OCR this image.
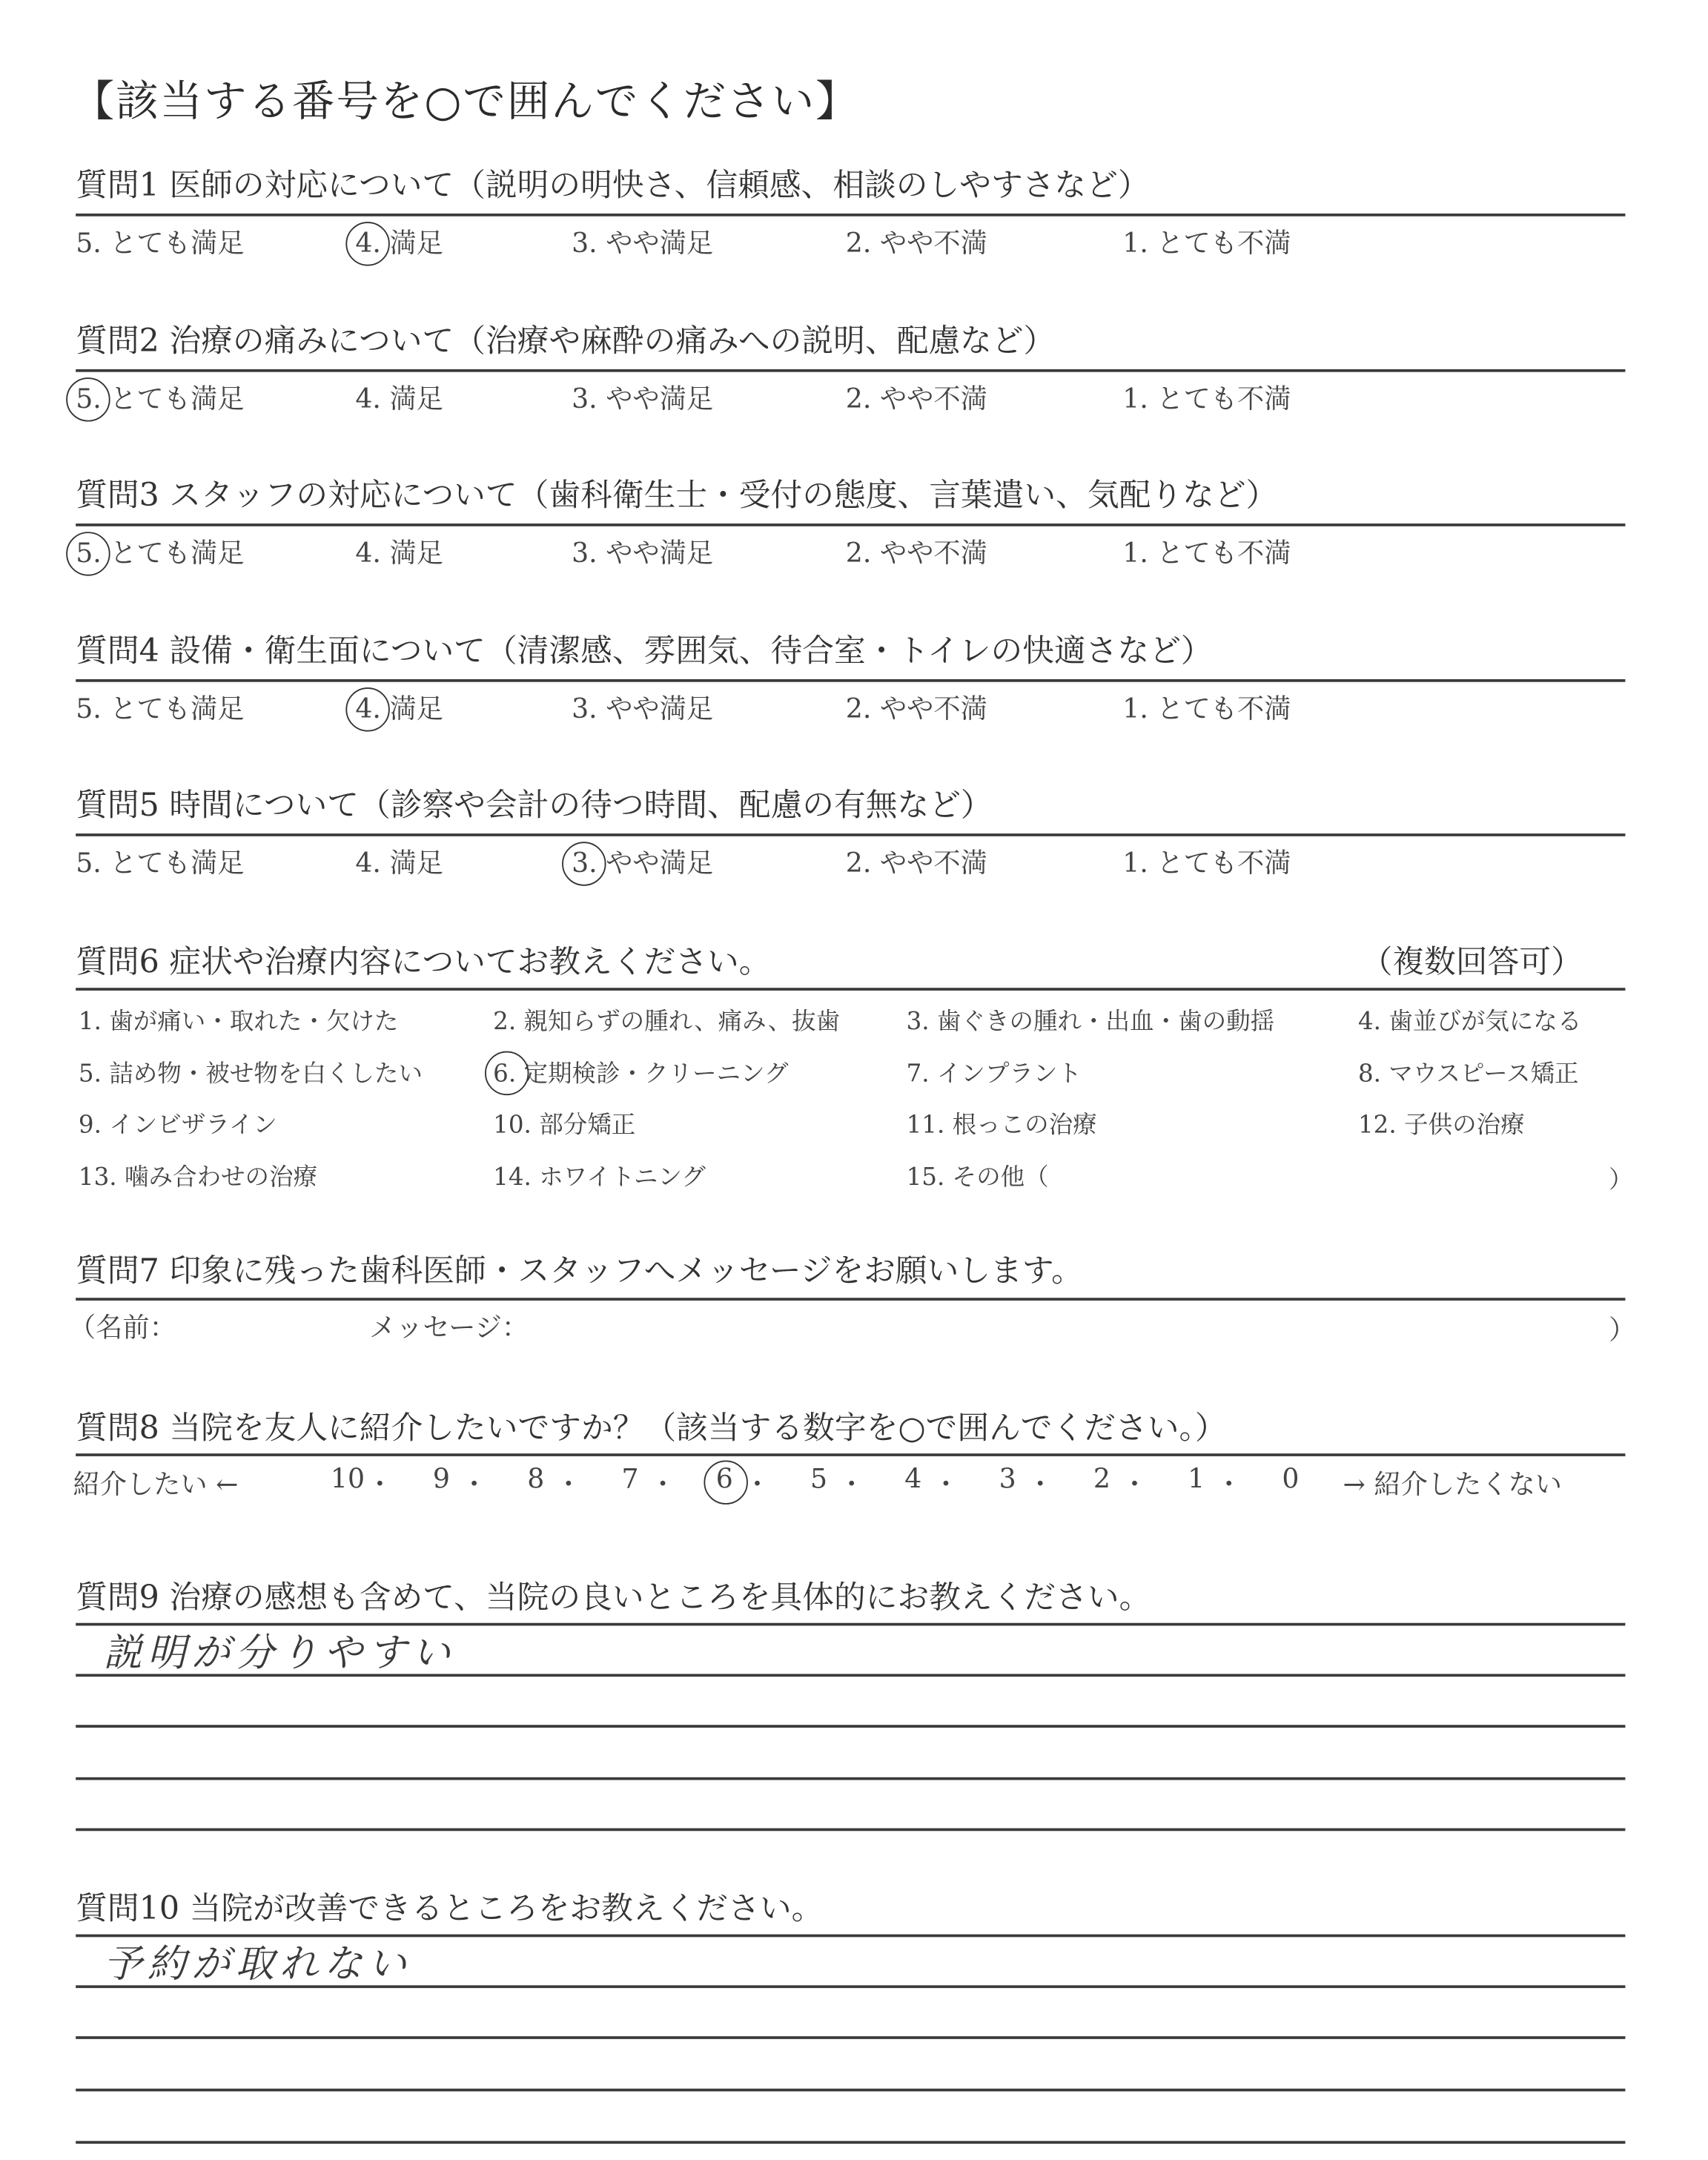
【該当する番号を○で囲んでください】
質問1 医師の対応について（説明の明快さ、信頼感、相談のしやすさなど）
5. とても満足	4. 満足	3. やや満足	2. やや不満	1. とても不満
質問2 治療の痛みについて（治療や麻酔の痛みへの説明、配慮など）
5. とても満足	4. 満足	3. やや満足	2. やや不満	1. とても不満
質問3 スタッフの対応について（歯科衛生士・受付の態度、言葉遣い、気配りなど）
5. とても満足	4. 満足	3. やや満足	2. やや不満	1. とても不満
質問4 設備・衛生面について（清潔感、雰囲気、待合室・トイレの快適さなど）
5. とても満足	4. 満足	3. やや満足	2. やや不満	1. とても不満
質問5 時間について（診察や会計の待つ時間、配慮の有無など）
5. とても満足	4. 満足	3. やや満足	2. やや不満	1. とても不満
質問6 症状や治療内容についてお教えください。	（複数回答可）
1. 歯が痛い・取れた・欠けた	2. 親知らずの腫れ、痛み、抜歯	3. 歯ぐきの腫れ・出血・歯の動揺	4. 歯並びが気になる
5. 詰め物・被せ物を白くしたい	6. 定期検診・クリーニング	7. インプラント	8. マウスピース矯正
9. インビザライン	10. 部分矯正	11. 根っこの治療	12. 子供の治療
13. 噛み合わせの治療	14. ホワイトニング	15. その他（	）
質問7 印象に残った歯科医師・スタッフへメッセージをお願いします。
（名前：	メッセージ：	）
質問8 当院を友人に紹介したいですか？（該当する数字を○で囲んでください。）
紹介したい ←	10 ・	9 ・	8 ・	7 ・	6 ・	5 ・	4 ・	3 ・	2 ・	1 ・	0	→ 紹介したくない
質問9 治療の感想も含めて、当院の良いところを具体的にお教えください。
説明が分りやすい
質問10 当院が改善できるところをお教えください。
予約が取れない
